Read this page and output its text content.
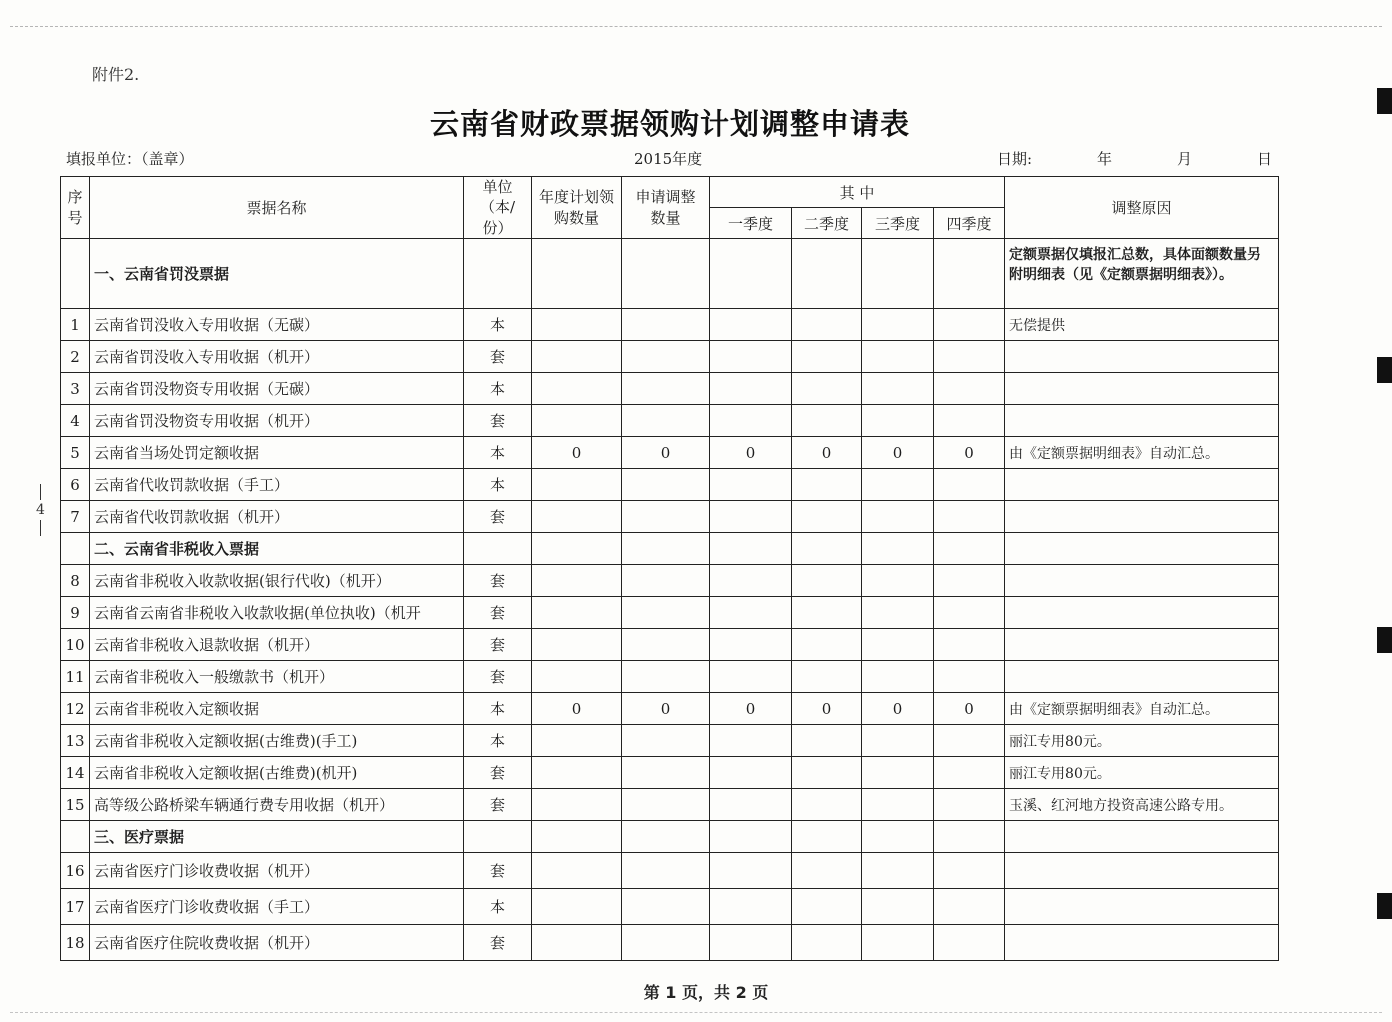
附件2.
云南省财政票据领购计划调整申请表
填报单位：（盖章）	2015年度	日期:	年	月	日
4
序号	票据名称	单位（本/份）	年度计划领购数量	申请调整数量	其 中				调整原因
					一季度	二季度	三季度	四季度	
	一、云南省罚没票据								定额票据仅填报汇总数，具体面额数量另附明细表（见《定额票据明细表》）。
1	云南省罚没收入专用收据（无碳）	本							无偿提供
2	云南省罚没收入专用收据（机开）	套							
3	云南省罚没物资专用收据（无碳）	本							
4	云南省罚没物资专用收据（机开）	套							
5	云南省当场处罚定额收据	本	0	0	0	0	0	0	由《定额票据明细表》自动汇总。
6	云南省代收罚款收据（手工）	本							
7	云南省代收罚款收据（机开）	套							
	二、云南省非税收入票据								
8	云南省非税收入收款收据(银行代收)（机开）	套							
9	云南省云南省非税收入收款收据(单位执收)（机开	套							
10	云南省非税收入退款收据（机开）	套							
11	云南省非税收入一般缴款书（机开）	套							
12	云南省非税收入定额收据	本	0	0	0	0	0	0	由《定额票据明细表》自动汇总。
13	云南省非税收入定额收据(古维费)(手工)	本							丽江专用80元。
14	云南省非税收入定额收据(古维费)(机开)	套							丽江专用80元。
15	高等级公路桥梁车辆通行费专用收据（机开）	套							玉溪、红河地方投资高速公路专用。
	三、医疗票据								
16	云南省医疗门诊收费收据（机开）	套							
17	云南省医疗门诊收费收据（手工）	本							
18	云南省医疗住院收费收据（机开）	套							
第 1 页，共 2 页
